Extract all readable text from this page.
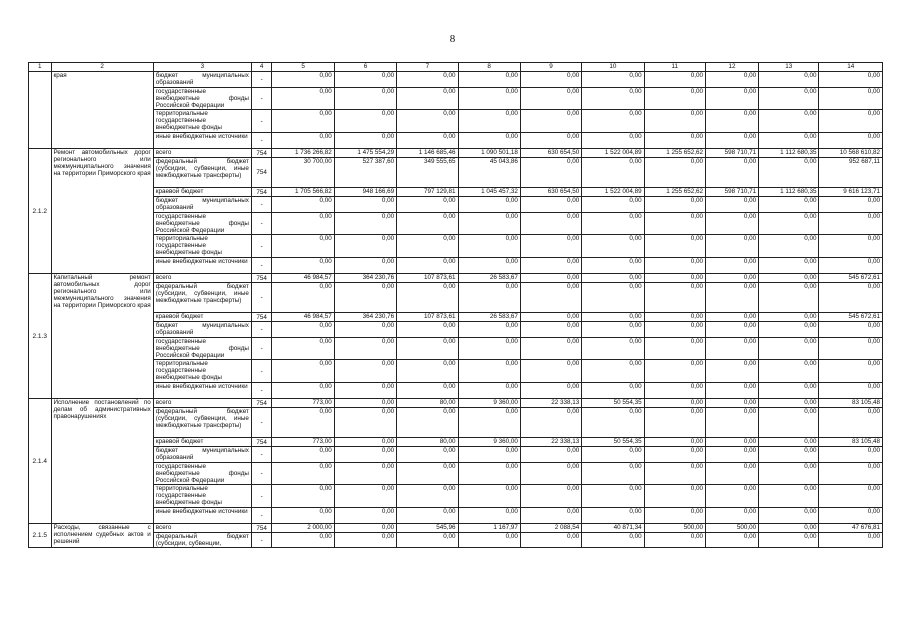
8
1	2	3	4	5	6	7	8	9	10	11	12	13	14
	края	бюджет муниципальных образований	-	0,00	0,00	0,00	0,00	0,00	0,00	0,00	0,00	0,00	0,00
		государственные внебюджетные фонды Российской Федерации	-	0,00	0,00	0,00	0,00	0,00	0,00	0,00	0,00	0,00	0,00
		территориальные государственные внебюджетные фонды	-	0,00	0,00	0,00	0,00	0,00	0,00	0,00	0,00	0,00	0,00
		иные внебюджетные источники	-	0,00	0,00	0,00	0,00	0,00	0,00	0,00	0,00	0,00	0,00
2.1.2	Ремонт автомобильных дорог регионального или межмуниципального значения на территории Приморского края	всего	754	1 736 266,82	1 475 554,29	1 146 685,46	1 090 501,18	630 654,50	1 522 004,89	1 255 652,62	598 710,71	1 112 680,35	10 568 610,82
		федеральный бюджет (субсидии, субвенции, иные межбюджетные трансферты)	754	30 700,00	527 387,60	349 555,65	45 043,86	0,00	0,00	0,00	0,00	0,00	952 687,11
		краевой бюджет	754	1 705 566,82	948 166,69	797 129,81	1 045 457,32	630 654,50	1 522 004,89	1 255 652,62	598 710,71	1 112 680,35	9 616 123,71
		бюджет муниципальных образований	-	0,00	0,00	0,00	0,00	0,00	0,00	0,00	0,00	0,00	0,00
		государственные внебюджетные фонды Российской Федерации	-	0,00	0,00	0,00	0,00	0,00	0,00	0,00	0,00	0,00	0,00
		территориальные государственные внебюджетные фонды	-	0,00	0,00	0,00	0,00	0,00	0,00	0,00	0,00	0,00	0,00
		иные внебюджетные источники	-	0,00	0,00	0,00	0,00	0,00	0,00	0,00	0,00	0,00	0,00
2.1.3	Капитальный ремонт автомобильных дорог регионального или межмуниципального значения на территории Приморского края	всего	754	46 984,57	364 230,76	107 873,61	26 583,67	0,00	0,00	0,00	0,00	0,00	545 672,61
		федеральный бюджет (субсидии, субвенции, иные межбюджетные трансферты)	-	0,00	0,00	0,00	0,00	0,00	0,00	0,00	0,00	0,00	0,00
		краевой бюджет	754	46 984,57	364 230,76	107 873,61	26 583,67	0,00	0,00	0,00	0,00	0,00	545 672,61
		бюджет муниципальных образований	-	0,00	0,00	0,00	0,00	0,00	0,00	0,00	0,00	0,00	0,00
		государственные внебюджетные фонды Российской Федерации	-	0,00	0,00	0,00	0,00	0,00	0,00	0,00	0,00	0,00	0,00
		территориальные государственные внебюджетные фонды	-	0,00	0,00	0,00	0,00	0,00	0,00	0,00	0,00	0,00	0,00
		иные внебюджетные источники	-	0,00	0,00	0,00	0,00	0,00	0,00	0,00	0,00	0,00	0,00
2.1.4	Исполнение постановлений по делам об административных правонарушениях	всего	754	773,00	0,00	80,00	9 360,00	22 338,13	50 554,35	0,00	0,00	0,00	83 105,48
		федеральный бюджет (субсидии, субвенции, иные межбюджетные трансферты)	-	0,00	0,00	0,00	0,00	0,00	0,00	0,00	0,00	0,00	0,00
		краевой бюджет	754	773,00	0,00	80,00	9 360,00	22 338,13	50 554,35	0,00	0,00	0,00	83 105,48
		бюджет муниципальных образований	-	0,00	0,00	0,00	0,00	0,00	0,00	0,00	0,00	0,00	0,00
		государственные внебюджетные фонды Российской Федерации	-	0,00	0,00	0,00	0,00	0,00	0,00	0,00	0,00	0,00	0,00
		территориальные государственные внебюджетные фонды	-	0,00	0,00	0,00	0,00	0,00	0,00	0,00	0,00	0,00	0,00
		иные внебюджетные источники	-	0,00	0,00	0,00	0,00	0,00	0,00	0,00	0,00	0,00	0,00
2.1.5	Расходы, связанные с исполнением судебных актов и решений	всего	754	2 000,00	0,00	545,96	1 167,97	2 088,54	40 871,34	500,00	500,00	0,00	47 676,81
		федеральный бюджет (субсидии, субвенции,	-	0,00	0,00	0,00	0,00	0,00	0,00	0,00	0,00	0,00	0,00
